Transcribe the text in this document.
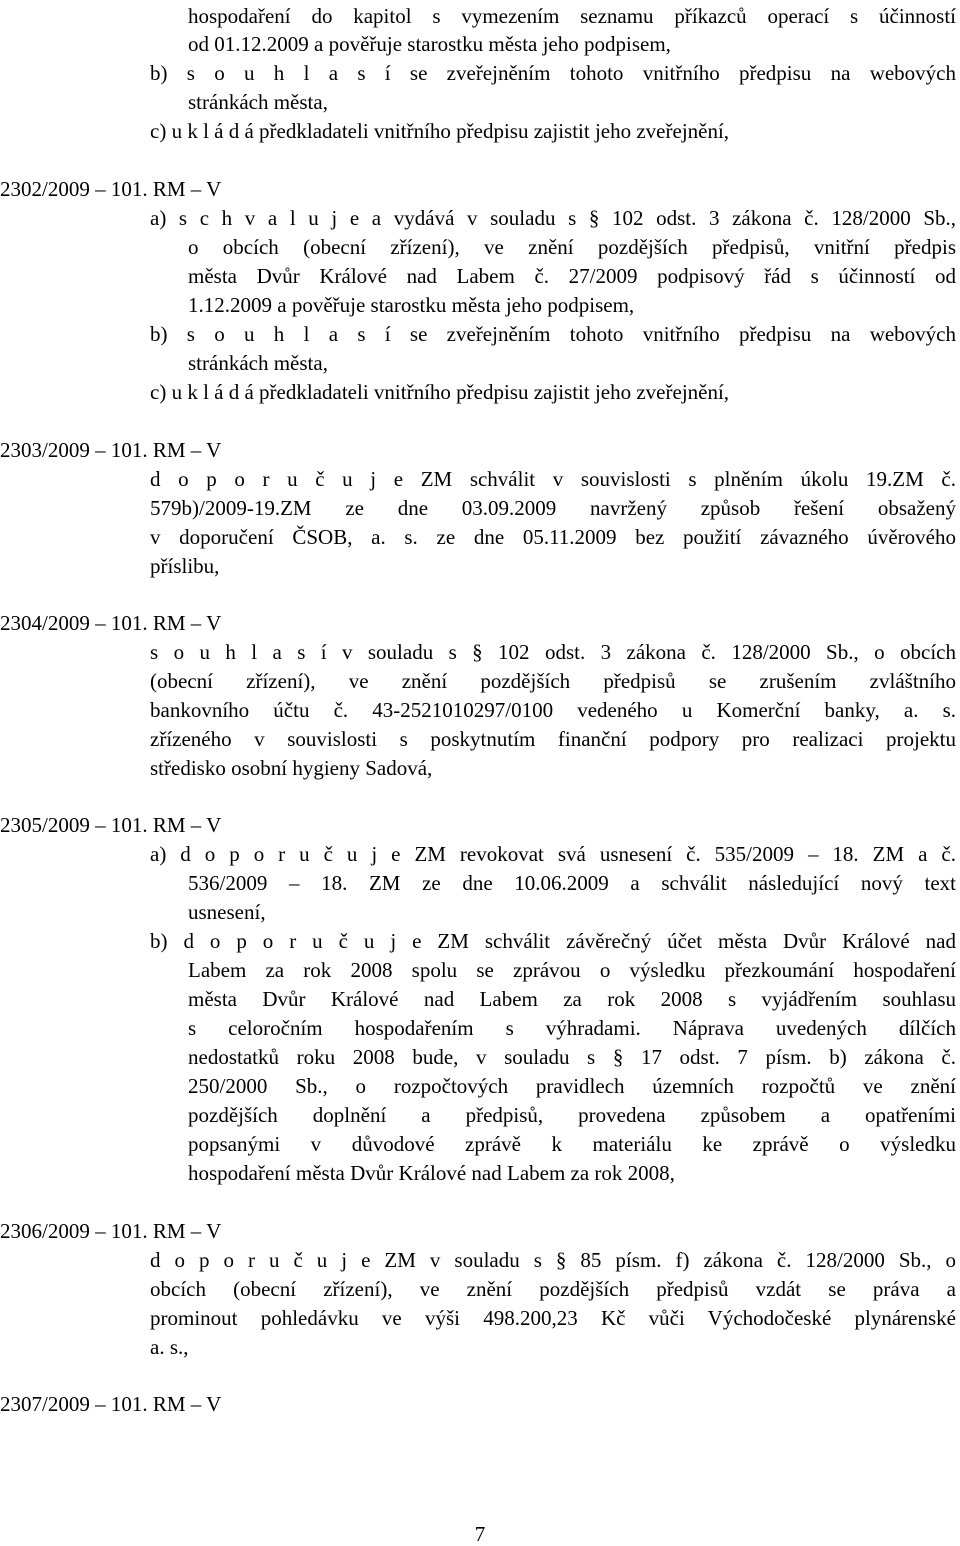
hospodaření do kapitol s vymezením seznamu příkazců operací s účinností
od 01.12.2009 a pověřuje starostku města jeho podpisem,
b) s o u h l a s í se zveřejněním tohoto vnitřního předpisu na webových
stránkách města,
c) u k l á d á předkladateli vnitřního předpisu zajistit jeho zveřejnění,
2302/2009 – 101. RM – V
a) s c h v a l u j e a vydává v souladu s § 102 odst. 3 zákona č. 128/2000 Sb.,
o obcích (obecní zřízení), ve znění pozdějších předpisů, vnitřní předpis
města Dvůr Králové nad Labem č. 27/2009 podpisový řád s účinností od
1.12.2009 a pověřuje starostku města jeho podpisem,
b) s o u h l a s í se zveřejněním tohoto vnitřního předpisu na webových
stránkách města,
c) u k l á d á předkladateli vnitřního předpisu zajistit jeho zveřejnění,
2303/2009 – 101. RM – V
d o p o r u č u j e ZM schválit v souvislosti s plněním úkolu 19.ZM č.
579b)/2009-19.ZM ze dne 03.09.2009 navržený způsob řešení obsažený
v doporučení ČSOB, a. s. ze dne 05.11.2009 bez použití závazného úvěrového
příslibu,
2304/2009 – 101. RM – V
s o u h l a s í v souladu s § 102 odst. 3 zákona č. 128/2000 Sb., o obcích
(obecní zřízení), ve znění pozdějších předpisů se zrušením zvláštního
bankovního účtu č. 43-2521010297/0100 vedeného u Komerční banky, a. s.
zřízeného v souvislosti s poskytnutím finanční podpory pro realizaci projektu
středisko osobní hygieny Sadová,
2305/2009 – 101. RM – V
a) d o p o r u č u j e ZM revokovat svá usnesení č. 535/2009 – 18. ZM a č.
536/2009 – 18. ZM ze dne 10.06.2009 a schválit následující nový text
usnesení,
b) d o p o r u č u j e ZM schválit závěrečný účet města Dvůr Králové nad
Labem za rok 2008 spolu se zprávou o výsledku přezkoumání hospodaření
města Dvůr Králové nad Labem za rok 2008 s vyjádřením souhlasu
s celoročním hospodařením s výhradami. Náprava uvedených dílčích
nedostatků roku 2008 bude, v souladu s § 17 odst. 7 písm. b) zákona č.
250/2000 Sb., o rozpočtových pravidlech územních rozpočtů ve znění
pozdějších doplnění a předpisů, provedena způsobem a opatřeními
popsanými v důvodové zprávě k materiálu ke zprávě o výsledku
hospodaření města Dvůr Králové nad Labem za rok 2008,
2306/2009 – 101. RM – V
d o p o r u č u j e ZM v souladu s § 85 písm. f) zákona č. 128/2000 Sb., o
obcích (obecní zřízení), ve znění pozdějších předpisů vzdát se práva a
prominout pohledávku ve výši 498.200,23 Kč vůči Východočeské plynárenské
a. s.,
2307/2009 – 101. RM – V
7
